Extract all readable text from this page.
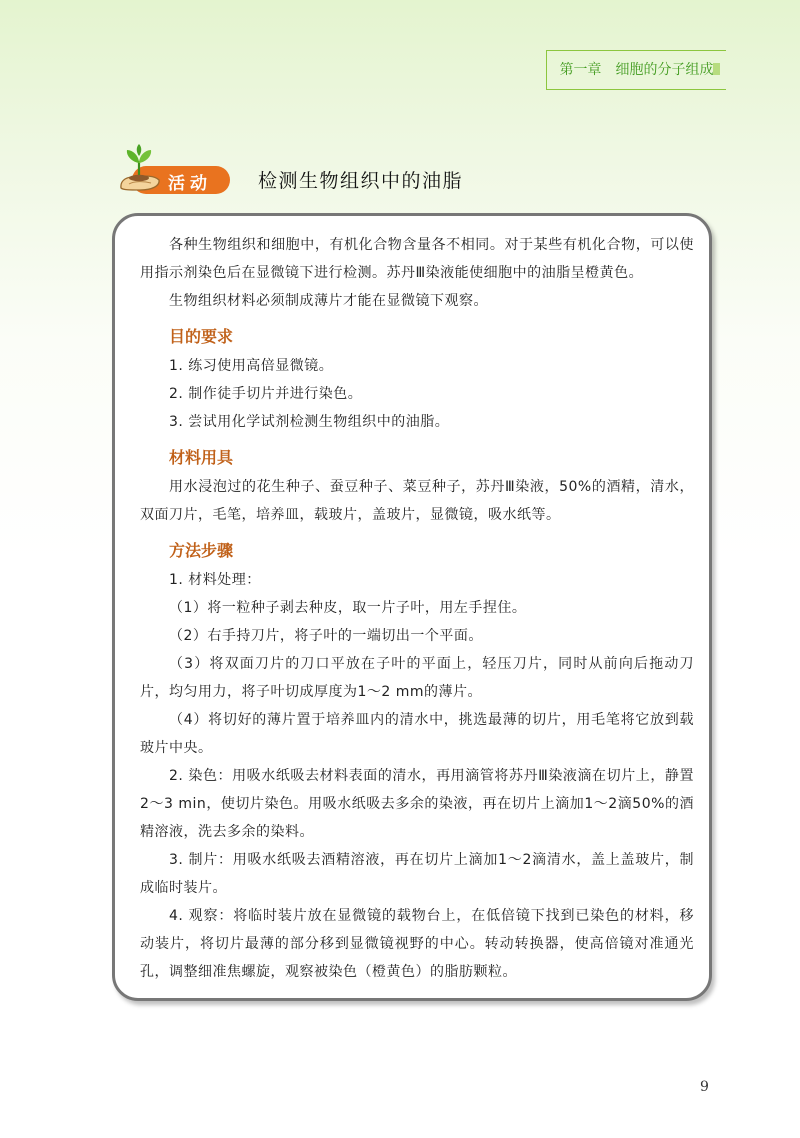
第一章　细胞的分子组成
活动 检测生物组织中的油脂

各种生物组织和细胞中，有机化合物含量各不相同。对于某些有机化合物，可以使用指示剂染色后在显微镜下进行检测。苏丹Ⅲ染液能使细胞中的油脂呈橙黄色。

生物组织材料必须制成薄片才能在显微镜下观察。

目的要求

1. 练习使用高倍显微镜。

2. 制作徒手切片并进行染色。

3. 尝试用化学试剂检测生物组织中的油脂。

材料用具

用水浸泡过的花生种子、蚕豆种子、菜豆种子，苏丹Ⅲ染液，50%的酒精，清水，双面刀片，毛笔，培养皿，载玻片，盖玻片，显微镜，吸水纸等。

方法步骤

1. 材料处理：

（1）将一粒种子剥去种皮，取一片子叶，用左手捏住。

（2）右手持刀片，将子叶的一端切出一个平面。

（3）将双面刀片的刀口平放在子叶的平面上，轻压刀片，同时从前向后拖动刀片，均匀用力，将子叶切成厚度为1～2 mm的薄片。

（4）将切好的薄片置于培养皿内的清水中，挑选最薄的切片，用毛笔将它放到载玻片中央。

2. 染色：用吸水纸吸去材料表面的清水，再用滴管将苏丹Ⅲ染液滴在切片上，静置2～3 min，使切片染色。用吸水纸吸去多余的染液，再在切片上滴加1～2滴50%的酒精溶液，洗去多余的染料。

3. 制片：用吸水纸吸去酒精溶液，再在切片上滴加1～2滴清水，盖上盖玻片，制成临时装片。

4. 观察：将临时装片放在显微镜的载物台上，在低倍镜下找到已染色的材料，移动装片，将切片最薄的部分移到显微镜视野的中心。转动转换器，使高倍镜对准通光孔，调整细准焦螺旋，观察被染色（橙黄色）的脂肪颗粒。

9
